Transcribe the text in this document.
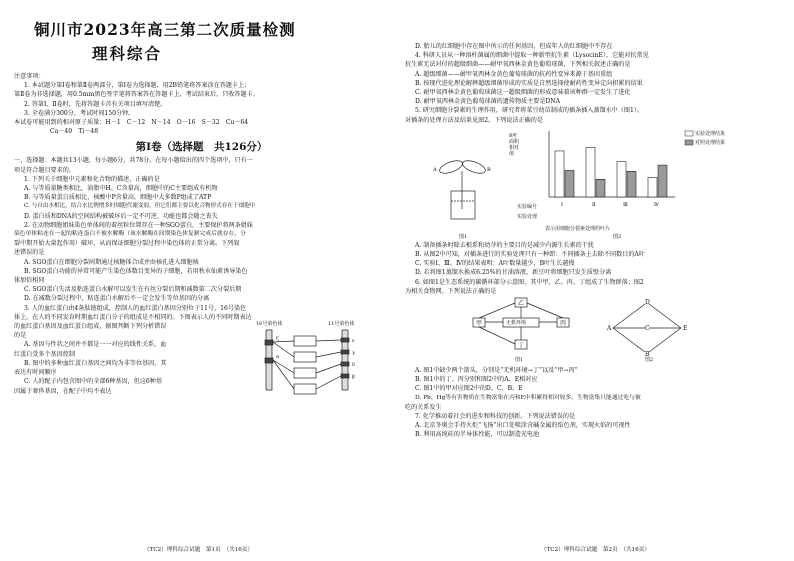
铜川市2023年高三第二次质量检测
理科综合

注意事项：

1. 本试题分第Ⅰ卷和第Ⅱ卷两部分，第Ⅰ卷为选择题，用2B铅笔将答案涂在答题卡上；

第Ⅱ卷为非选择题，用0.5mm黑色签字笔将答案答在答题卡上，考试结束后，只收答题卡。

2. 答第Ⅰ、Ⅱ卷时，先将答题卡首有关项目填写清楚。

3. 全卷满分300分，考试时间150分钟。

本试卷可能用到的相对原子质量：H－1　C－12　N－14　O－16　S－32　Cu－64

Ca－40　Ti－48

第Ⅰ卷（选择题　共126分）

一、选择题：本题共13小题，每小题6分，共78分。在每小题给出的四个选项中，只有一

项是符合题目要求的。

1. 下列关于细胞中元素和化合物的描述，正确的是

A. 与等质量糖类相比，油脂中H、C含量高，细胞中的C主要组成有机物

B. 与等质量蛋白质相比，核酸中P含量高，细胞中大多数P组成了ATP

C. 与自由水相比，结合水比例增多时细胞代谢变弱，但它们都主要以化合物形式存在于细胞中

D. 蛋白质和DNA的空间结构被破坏后一定不可逆，功能也都会随之丧失

2. 在动物细胞姐妹染色单体间的着丝粒位置存在一种SGO蛋白，主要保护将两条姐妹

染色单体粘连在一起的粘连蛋白不被水解酶（该水解酶在间期染色体复制完成后就存在，分

裂中期开始大量起作用）破坏，从而保证细胞分裂过程中染色体的正常分离。下列叙

述错误的是

A. SGO蛋白在细胞分裂间期通过核糖体合成并由核孔进入细胞核

B. SGO蛋白功能的异常可能产生染色体数目变异的子细胞，若用秋水仙素诱导染色

体加倍相同

C. SGO蛋白失活及粘连蛋白水解可以发生在有丝分裂后期和减数第二次分裂后期

D. 在减数分裂过程中，粘连蛋白水解后不一定会发生等位基因的分离

3. 人的血红蛋白由4条肽链组成，控制人的血红蛋白基因分别位于11号、16号染色

体上，在人的不同发育时期血红蛋白分子的组成是不相同的。下图表示人的不同时期表达

的血红蛋白基因及血红蛋白组成，据图判断下列分析错误

的是

A. 基因与性状之间并不都是一一对应的线性关系，血

红蛋白受多个基因控制

B. 图中的多种血红蛋白基因之间均为非等位基因，其

表达有时间顺序

C. 人的配子内包含图中的全部6种基因，但这6种基

因属于奢侈基因，在配子中均不表达

16号染色体	11号染色体
ζ
α
ε
γ
δ
β
（TC2）理科综合试题　第1页　（共16页）

D. 胎儿的红细胞中存在图中所示的任何基因，但成年人的红细胞中不存在

4. 科研人员从一种溶杆菌属的细菌中提取一种新型抗生素（LysocinE），它能对抗常见

抗生素无法对付的超级细菌——耐甲氧西林金黄色葡萄球菌，下列相关叙述正确的是

A. 超级细菌——耐甲氧西林金黄色葡萄球菌的抗药性变异来源于基因重组

B. 按现代进化理论解释超级细菌形成的实质是自然选择使耐药性变异定向积累的结果

C. 耐甲氧西林金黄色葡萄球菌这一超级细菌的形成意味着该种群一定发生了进化

D. 耐甲氧西林金黄色葡萄球菌的遗传物质主要是DNA

5. 研究细胞分裂素的生理作用，研究者将菜豆幼苗制成的插条插入蒸馏水中（图1）。

对插条的处理方法及结果见图2。下列说法正确的是

A	B
图1
Ⅰ	Ⅱ	Ⅲ	Ⅳ
实验处理结果
对照处理结果
B叶面积相对值
实验编号
实验处理
表示用细胞分裂素处理的叶片
图2

A. 制备插条时除去根系和幼芽的主要目的是减少内源生长素的干扰

B. 从图2中可知，对插条进行的实验处理只有一种即：不同插条上去除不同数目的A叶

C. 实验Ⅰ、Ⅲ、Ⅳ的结果表明：A叶数量越少，B叶生长越慢

D. 若将图1蒸馏水换成6.25%的甘油溶液，新豆叶将细胞只发生质壁分离

6. 如图1是生态系统的碳循环部分示意图，其中甲、乙、丙、丁组成了生物群落；图2

为相关食物网。下列说法正确的是

乙
甲	丙
丁
无机环境
图1
A
D
C
B
E
图2

A. 图1中缺少两个箭头，分别是“无机环境→丁”以及“甲→丙”

B. 图1中的丁、丙分别和图2中的A、E相对应

C. 图1中的甲对应图2中的D、C、B、E

D. Pb、Hg等有害物质在生物富集在丙和E中积累得相对较多，生物富集只能通过吃与被

吃的关系发生

7. 化学推动着社会的进步和科技的创新。下列说法错误的是

A. 北京冬奥会手持火炬“飞扬”出口处喷涂含碱金属的焰色剂，实现火焰的可视性

B. 利用高纯硅的半导体性能，可以制造光电池

（TC2）理科综合试题　第2页　（共16页）
